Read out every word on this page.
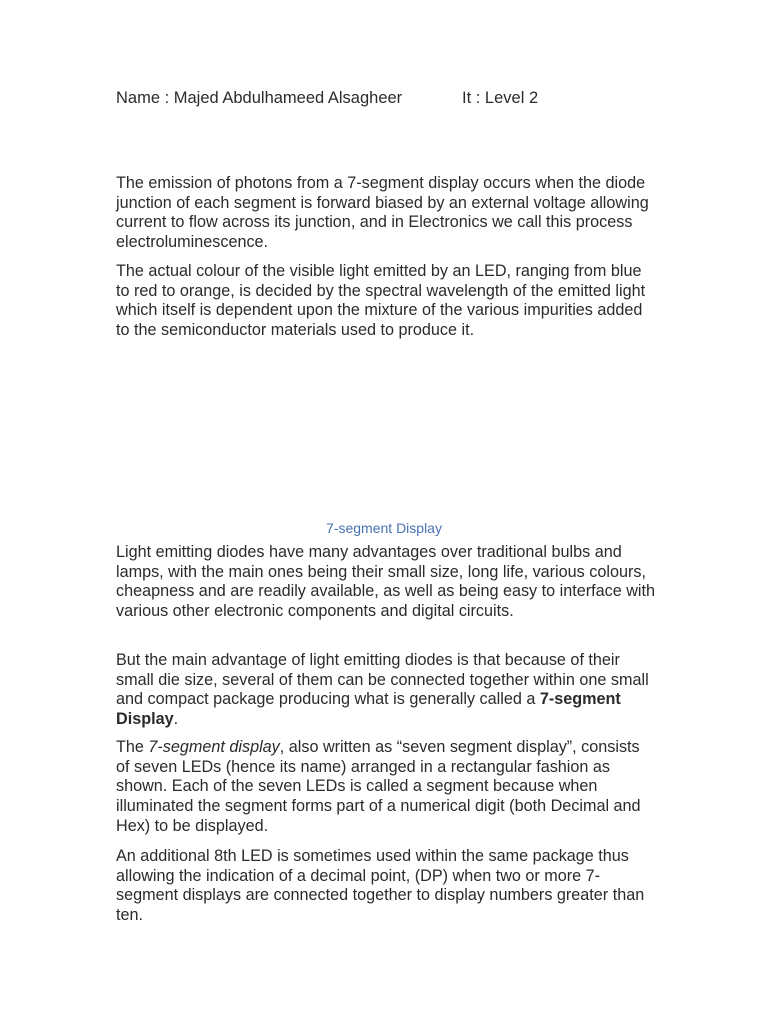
Name : Majed Abdulhameed Alsagheer	It : Level 2

The emission of photons from a 7-segment display occurs when the diode junction of each segment is forward biased by an external voltage allowing current to flow across its junction, and in Electronics we call this process electroluminescence.

The actual colour of the visible light emitted by an LED, ranging from blue to red to orange, is decided by the spectral wavelength of the emitted light which itself is dependent upon the mixture of the various impurities added to the semiconductor materials used to produce it.

7-segment Display

Light emitting diodes have many advantages over traditional bulbs and lamps, with the main ones being their small size, long life, various colours, cheapness and are readily available, as well as being easy to interface with various other electronic components and digital circuits.

But the main advantage of light emitting diodes is that because of their small die size, several of them can be connected together within one small and compact package producing what is generally called a 7-segment Display.

The 7-segment display, also written as “seven segment display”, consists of seven LEDs (hence its name) arranged in a rectangular fashion as shown. Each of the seven LEDs is called a segment because when illuminated the segment forms part of a numerical digit (both Decimal and Hex) to be displayed.

An additional 8th LED is sometimes used within the same package thus allowing the indication of a decimal point, (DP) when two or more 7-segment displays are connected together to display numbers greater than ten.
